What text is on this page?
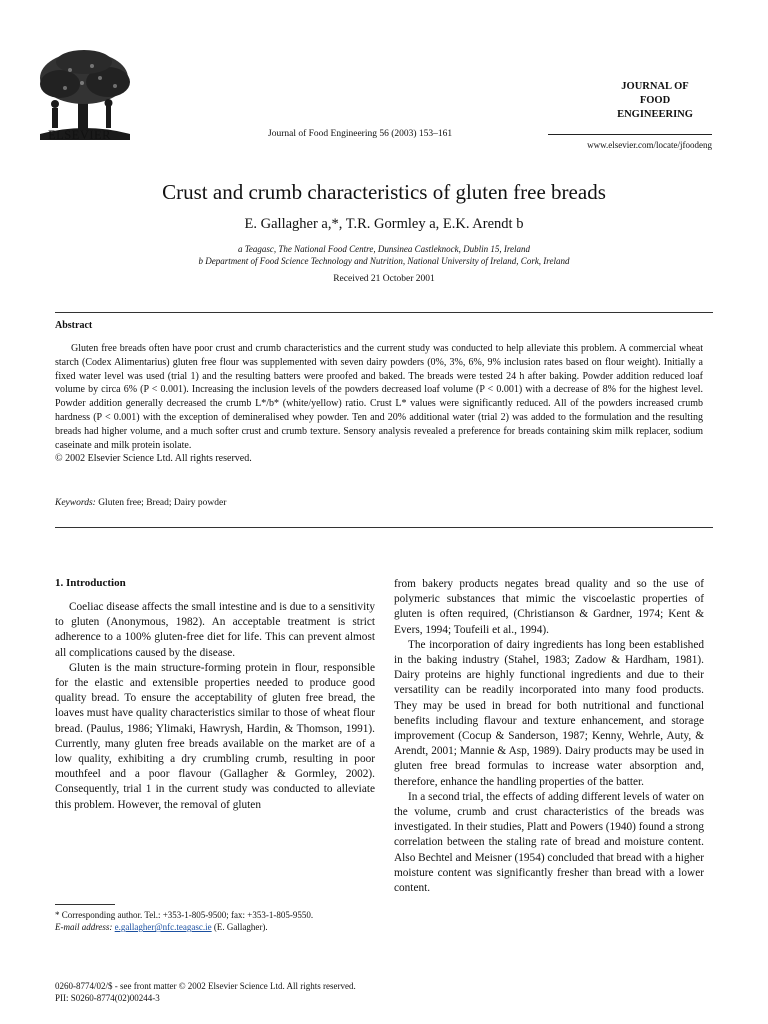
ELSEVIER	Journal of Food Engineering 56 (2003) 153–161
JOURNAL OF
FOOD
ENGINEERING
www.elsevier.com/locate/jfoodeng
Crust and crumb characteristics of gluten free breads
E. Gallagher a,*, T.R. Gormley a, E.K. Arendt b
a Teagasc, The National Food Centre, Dunsinea Castleknock, Dublin 15, Ireland
b Department of Food Science Technology and Nutrition, National University of Ireland, Cork, Ireland
Received 21 October 2001
Abstract

Gluten free breads often have poor crust and crumb characteristics and the current study was conducted to help alleviate this problem. A commercial wheat starch (Codex Alimentarius) gluten free flour was supplemented with seven dairy powders (0%, 3%, 6%, 9% inclusion rates based on flour weight). Initially a fixed water level was used (trial 1) and the resulting batters were proofed and baked. The breads were tested 24 h after baking. Powder addition reduced loaf volume by circa 6% (P < 0.001). Increasing the inclusion levels of the powders decreased loaf volume (P < 0.001) with a decrease of 8% for the highest level. Powder addition generally decreased the crumb L*/b* (white/yellow) ratio. Crust L* values were significantly reduced. All of the powders increased crumb hardness (P < 0.001) with the exception of demineralised whey powder. Ten and 20% additional water (trial 2) was added to the formulation and the resulting breads had higher volume, and a much softer crust and crumb texture. Sensory analysis revealed a preference for breads containing skim milk replacer, sodium caseinate and milk protein isolate.

© 2002 Elsevier Science Ltd. All rights reserved.

Keywords: Gluten free; Bread; Dairy powder
1. Introduction

Coeliac disease affects the small intestine and is due to a sensitivity to gluten (Anonymous, 1982). An acceptable treatment is strict adherence to a 100% gluten-free diet for life. This can prevent almost all complications caused by the disease.

Gluten is the main structure-forming protein in flour, responsible for the elastic and extensible properties needed to produce good quality bread. To ensure the acceptability of gluten free bread, the loaves must have quality characteristics similar to those of wheat flour bread. (Paulus, 1986; Ylimaki, Hawrysh, Hardin, & Thomson, 1991). Currently, many gluten free breads available on the market are of a low quality, exhibiting a dry crumbling crumb, resulting in poor mouthfeel and a poor flavour (Gallagher & Gormley, 2002). Consequently, trial 1 in the current study was conducted to alleviate this problem. However, the removal of gluten

from bakery products negates bread quality and so the use of polymeric substances that mimic the viscoelastic properties of gluten is often required, (Christianson & Gardner, 1974; Kent & Evers, 1994; Toufeili et al., 1994).

The incorporation of dairy ingredients has long been established in the baking industry (Stahel, 1983; Zadow & Hardham, 1981). Dairy proteins are highly functional ingredients and due to their versatility can be readily incorporated into many food products. They may be used in bread for both nutritional and functional benefits including flavour and texture enhancement, and storage improvement (Cocup & Sanderson, 1987; Kenny, Wehrle, Auty, & Arendt, 2001; Mannie & Asp, 1989). Dairy products may be used in gluten free bread formulas to increase water absorption and, therefore, enhance the handling properties of the batter.

In a second trial, the effects of adding different levels of water on the volume, crumb and crust characteristics of the breads was investigated. In their studies, Platt and Powers (1940) found a strong correlation between the staling rate of bread and moisture content. Also Bechtel and Meisner (1954) concluded that bread with a higher moisture content was significantly fresher than bread with a lower content.

* Corresponding author. Tel.: +353-1-805-9500; fax: +353-1-805-9550.
E-mail address: e.gallagher@nfc.teagasc.ie (E. Gallagher).
0260-8774/02/$ - see front matter © 2002 Elsevier Science Ltd. All rights reserved.
PII: S0260-8774(02)00244-3
